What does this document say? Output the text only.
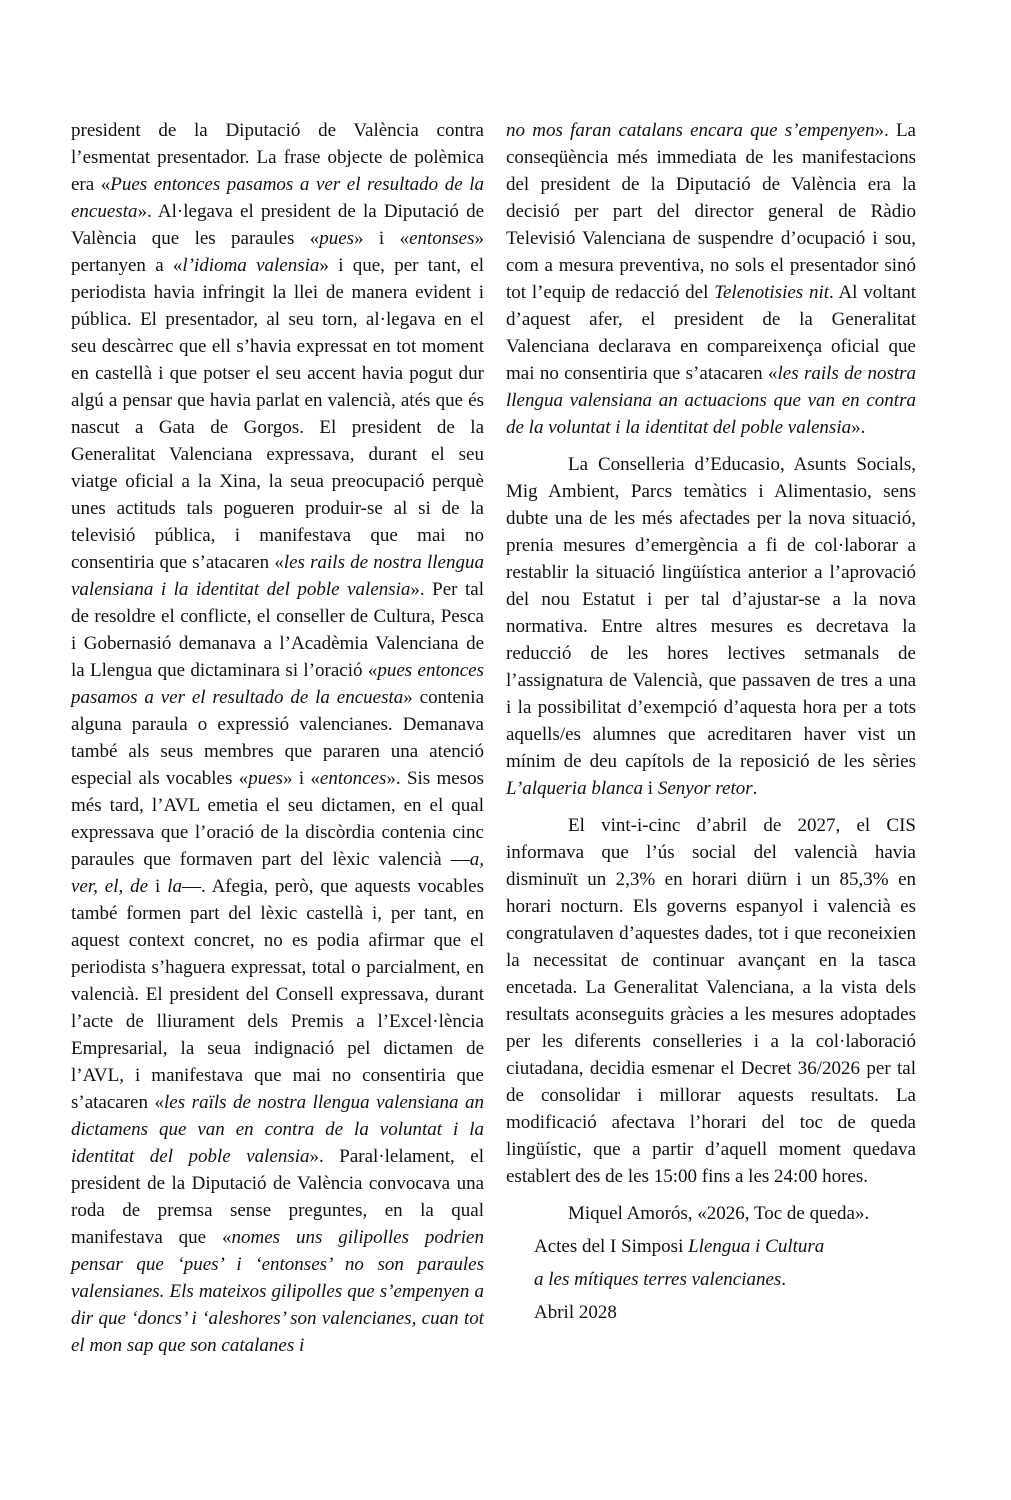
president de la Diputació de València contra l’esmentat presentador. La frase objecte de polèmica era «Pues entonces pasamos a ver el resultado de la encuesta». Al·legava el president de la Diputació de València que les paraules «pues» i «entonses» pertanyen a «l’idioma valensia» i que, per tant, el periodista havia infringit la llei de manera evident i pública. El presentador, al seu torn, al·legava en el seu descàrrec que ell s’havia expressat en tot moment en castellà i que potser el seu accent havia pogut dur algú a pensar que havia parlat en valencià, atés que és nascut a Gata de Gorgos. El president de la Generalitat Valenciana expressava, durant el seu viatge oficial a la Xina, la seua preocupació perquè unes actituds tals pogueren produir-se al si de la televisió pública, i manifestava que mai no consentiria que s’atacaren «les rails de nostra llengua valensiana i la identitat del poble valensia». Per tal de resoldre el conflicte, el conseller de Cultura, Pesca i Gobernasió demanava a l’Acadèmia Valenciana de la Llengua que dictaminara si l’oració «pues entonces pasamos a ver el resultado de la encuesta» contenia alguna paraula o expressió valencianes. Demanava també als seus membres que pararen una atenció especial als vocables «pues» i «entonces». Sis mesos més tard, l’AVL emetia el seu dictamen, en el qual expressava que l’oració de la discòrdia contenia cinc paraules que formaven part del lèxic valencià —a, ver, el, de i la—. Afegia, però, que aquests vocables també formen part del lèxic castellà i, per tant, en aquest context concret, no es podia afirmar que el periodista s’haguera expressat, total o parcialment, en valencià. El president del Consell expressava, durant l’acte de lliurament dels Premis a l’Excel·lència Empresarial, la seua indignació pel dictamen de l’AVL, i manifestava que mai no consentiria que s’atacaren «les raïls de nostra llengua valensiana an dictamens que van en contra de la voluntat i la identitat del poble valensia». Paral·lelament, el president de la Diputació de València convocava una roda de premsa sense preguntes, en la qual manifestava que «nomes uns gilipolles podrien pensar que ‘pues’ i ‘entonses’ no son paraules valensianes. Els mateixos gilipolles que s’empenyen a dir que ‘doncs’ i ‘aleshores’ son valencianes, cuan tot el mon sap que son catalanes i

no mos faran catalans encara que s’empenyen». La conseqüència més immediata de les manifestacions del president de la Diputació de València era la decisió per part del director general de Ràdio Televisió Valenciana de suspendre d’ocupació i sou, com a mesura preventiva, no sols el presentador sinó tot l’equip de redacció del Telenotisies nit. Al voltant d’aquest afer, el president de la Generalitat Valenciana declarava en compareixença oficial que mai no consentiria que s’atacaren «les rails de nostra llengua valensiana an actuacions que van en contra de la voluntat i la identitat del poble valensia».

La Conselleria d’Educasio, Asunts Socials, Mig Ambient, Parcs temàtics i Alimentasio, sens dubte una de les més afectades per la nova situació, prenia mesures d’emergència a fi de col·laborar a restablir la situació lingüística anterior a l’aprovació del nou Estatut i per tal d’ajustar-se a la nova normativa. Entre altres mesures es decretava la reducció de les hores lectives setmanals de l’assignatura de Valencià, que passaven de tres a una i la possibilitat d’exempció d’aquesta hora per a tots aquells/es alumnes que acreditaren haver vist un mínim de deu capítols de la reposició de les sèries L’alqueria blanca i Senyor retor.

El vint-i-cinc d’abril de 2027, el CIS informava que l’ús social del valencià havia disminuït un 2,3% en horari diürn i un 85,3% en horari nocturn. Els governs espanyol i valencià es congratulaven d’aquestes dades, tot i que reconeixien la necessitat de continuar avançant en la tasca encetada. La Generalitat Valenciana, a la vista dels resultats aconseguits gràcies a les mesures adoptades per les diferents conselleries i a la col·laboració ciutadana, decidia esmenar el Decret 36/2026 per tal de consolidar i millorar aquests resultats. La modificació afectava l’horari del toc de queda lingüístic, que a partir d’aquell moment quedava establert des de les 15:00 fins a les 24:00 hores.

Miquel Amorós, «2026, Toc de queda».

Actes del I Simposi Llengua i Cultura

a les mítiques terres valencianes.

Abril 2028
